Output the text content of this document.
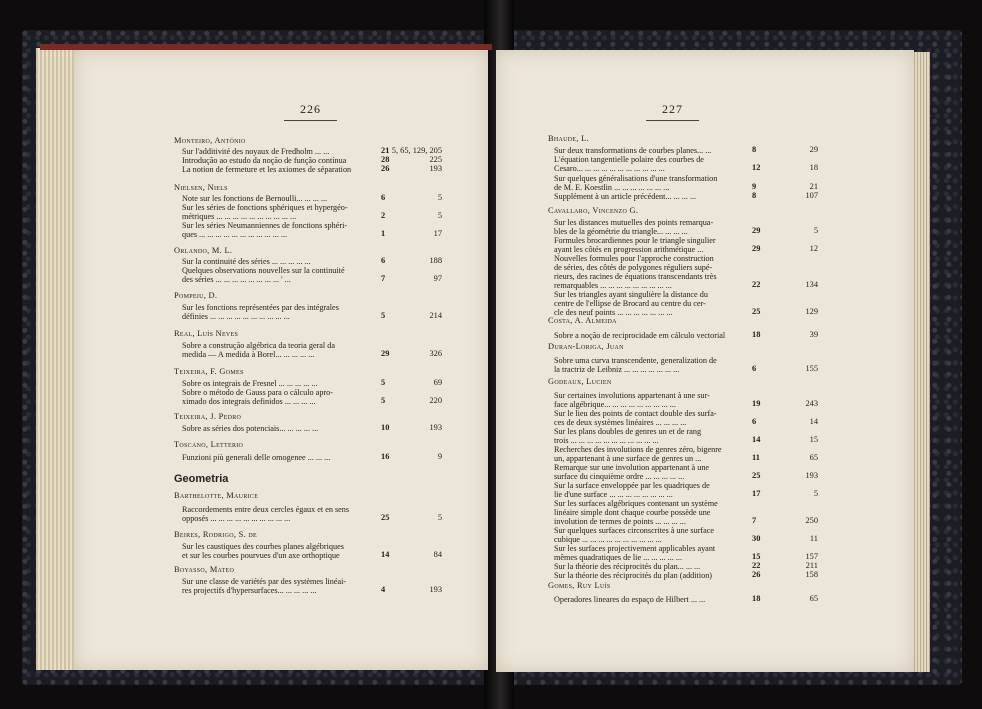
226
Monteiro, António
Sur l'additivité des noyaux de Fredholm ... ...	21 5, 65, 129, 205
Introdução ao estudo da noção de função contínua	28	225
La notion de fermeture et les axiomes de séparation	26	193
Nielsen, Niels
Note sur les fonctions de Bernoulli... ... ... ...	6	5
Sur les séries de fonctions sphériques et hypergéo-
métriques ... ... ... ... ... ... ... ... ... ...	2	5
Sur les séries Neumanniennes de fonctions sphéri-
ques ... ... ... ... ... ... ... ... ... ... ...	1	17
Orlando, M. L.
Sur la continuité des séries ... ... ... ... ...	6	188
Quelques observations nouvelles sur la continuité
des séries ... ... ... ... ... ... ... ... ' ...	7	97
Pompeiu, D.
Sur les fonctions représentées par des intégrales
définies ... ... ... ... ... ... ... ... ... ...	5	214
Real, Luís Neves
Sobre a construção algébrica da teoria geral da
medida — A medida à Borel... ... ... ... ...	29	326
Teixeira, F. Gomes
Sobre os integrais de Fresnel ... ... ... ... ...	5	69
Sobre o método de Gauss para o cálculo apro-
ximado dos integrais definidos ... ... ... ...	5	220
Teixeira, J. Pedro
Sobre as séries dos potenciais... ... ... ... ...	10	193
Toscano, Letterio
Funzioni più generali delle omogenee ... ... ...	16	9
Geometria
Barthelotte, Maurice
Raccordements entre deux cercles égaux et en sens
opposés ... ... ... ... ... ... ... ... ... ...	25	5
Beires, Rodrigo, S. de
Sur les caustiques des courbes planes algébriques
et sur les courbes pourvues d'un axe orthoptique	14	84
Boyasso, Mateo
Sur une classe de variétés par des systèmes linéai-
res projectifs d'hypersurfaces... ... ... ... ...	4	193
227
Bhaude, L.
Sur deux transformations de courbes planes... ...	8	29
L'équation tangentielle polaire des courbes de
Cesaro... ... ... ... ... ... ... ... ... ... ...	12	18
Sur quelques généralisations d'une transformation
de M. E. Koestlin ... ... ... ... ... ... ...	9	21
Supplément à un article précédent... ... ... ...	8	107
Cavallaro, Vincenzo G.
Sur les distances mutuelles des points remarqua-
bles de la géométrie du triangle... ... ... ...	29	5
Formules brocardiennes pour le triangle singulier
ayant les côtés en progression arithmétique ...	29	12
Nouvelles formules pour l'approche construction
de séries, des côtés de polygones réguliers supé-
rieurs, des racines de équations transcendants très
remarquables ... ... ... ... ... ... ... ... ...	22	134
Sur les triangles ayant singulière la distance du
centre de l'ellipse de Brocard au centre du cer-
cle des neuf points ... ... ... ... ... ... ...	25	129
Costa, A. Almeida
Sobre a noção de reciprocidade em cálculo vectorial	18	39
Duran-Loriga, Juan
Sobre uma curva transcendente, generalization de
la tractriz de Leibniz ... ... ... ... ... ... ...	6	155
Godeaux, Lucien
Sur certaines involutions appartenant à une sur-
face algébrique... ... ... ... ... ... ... ... ...	19	243
Sur le lieu des points de contact double des surfa-
ces de deux systèmes linéaires ... ... ... ...	6	14
Sur les plans doubles de genres un et de rang
trois ... ... ... ... ... ... ... ... ... ... ...	14	15
Recherches des involutions de genres zéro, bigenre
un, appartenant à une surface de genres un ...	11	65
Remarque sur une involution appartenant à une
surface du cinquième ordre ... ... ... ... ...	25	193
Sur la surface enveloppée par les quadriques de
lie d'une surface ... ... ... ... ... ... ... ...	17	5
Sur les surfaces algébriques contenant un système
linéaire simple dont chaque courbe possède une
involution de termes de points ... ... ... ...	7	250
Sur quelques surfaces circonscrites à une surface
cubique ... ... ... ... ... ... ... ... ... ...	30	11
Sur les surfaces projectivement applicables ayant
mêmes quadratiques de lie ... ... ... ... ...	15	157
Sur la théorie des réciprocités du plan... ... ...	22	211
Sur la théorie des réciprocités du plan (addition)	26	158
Gomes, Ruy Luís
Operadores lineares do espaço de Hilbert ... ...	18	65
